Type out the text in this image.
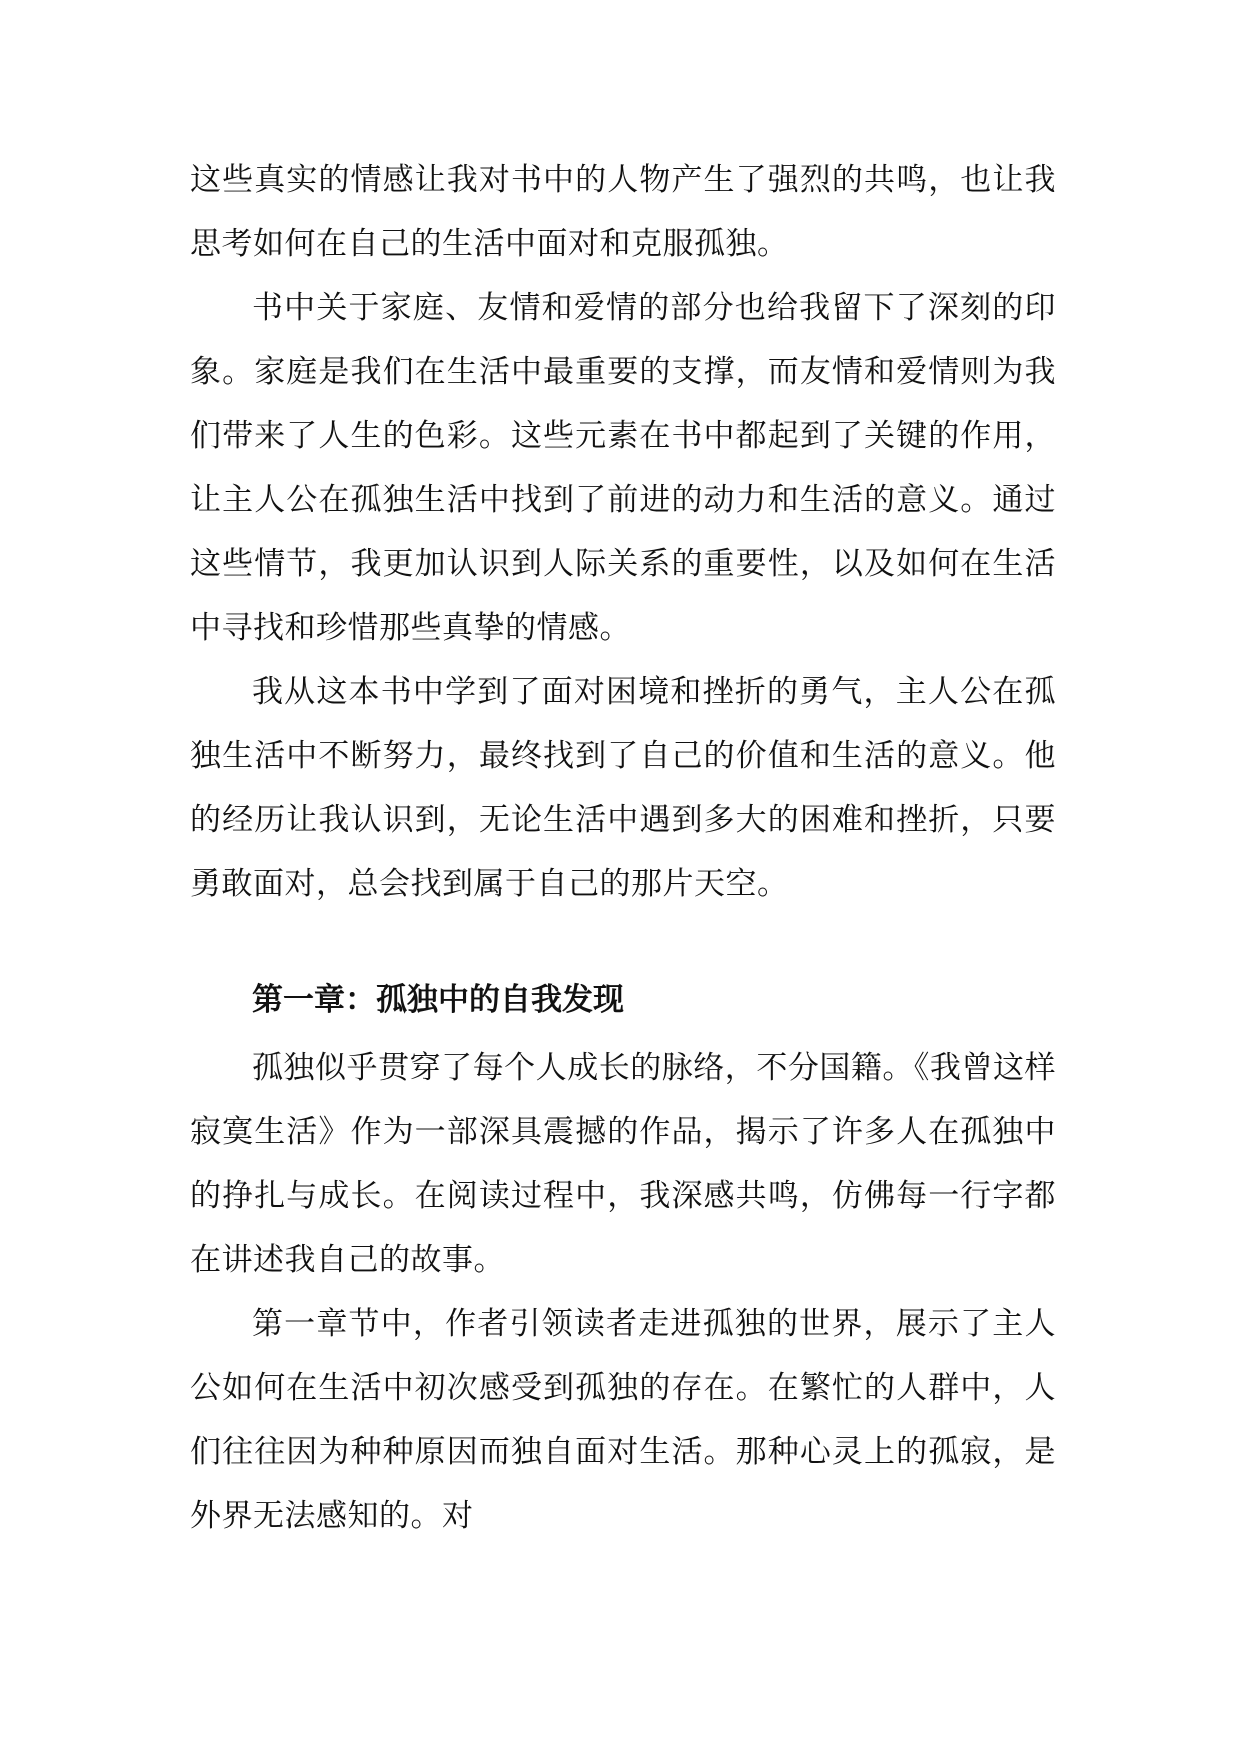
这些真实的情感让我对书中的人物产生了强烈的共鸣，也让我思考如何在自己的生活中面对和克服孤独。

书中关于家庭、友情和爱情的部分也给我留下了深刻的印象。家庭是我们在生活中最重要的支撑，而友情和爱情则为我们带来了人生的色彩。这些元素在书中都起到了关键的作用，让主人公在孤独生活中找到了前进的动力和生活的意义。通过这些情节，我更加认识到人际关系的重要性，以及如何在生活中寻找和珍惜那些真挚的情感。

我从这本书中学到了面对困境和挫折的勇气，主人公在孤独生活中不断努力，最终找到了自己的价值和生活的意义。他的经历让我认识到，无论生活中遇到多大的困难和挫折，只要勇敢面对，总会找到属于自己的那片天空。

第一章：孤独中的自我发现

孤独似乎贯穿了每个人成长的脉络，不分国籍。《我曾这样寂寞生活》作为一部深具震撼的作品，揭示了许多人在孤独中的挣扎与成长。在阅读过程中，我深感共鸣，仿佛每一行字都在讲述我自己的故事。

第一章节中，作者引领读者走进孤独的世界，展示了主人公如何在生活中初次感受到孤独的存在。在繁忙的人群中，人们往往因为种种原因而独自面对生活。那种心灵上的孤寂，是外界无法感知的。对
